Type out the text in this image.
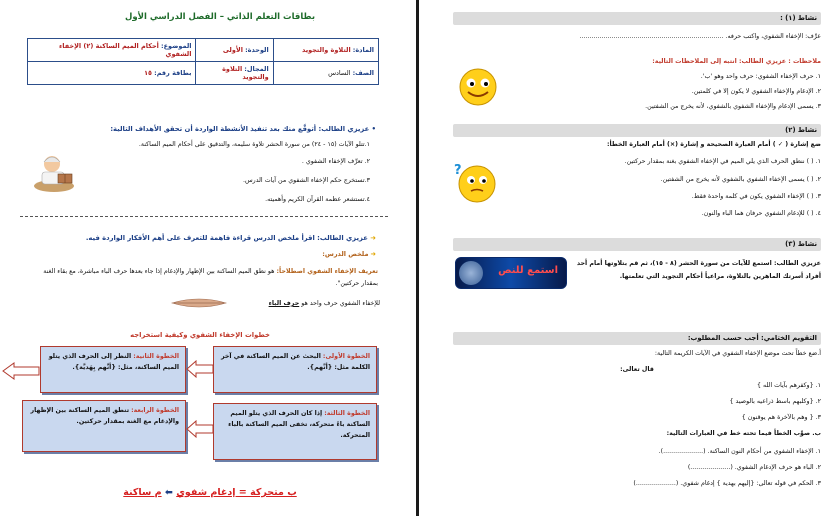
بطاقات التعلم الذاتي – الفصل الدراسي الأول
المادة: التلاوة والتجويد	الوحدة: الأولى	الموضوع: أحكام الميم الساكنة (٢) الإخفاء الشفوي
الصف: السادس	المجال: التلاوة والتجويد	بطاقة رقم: ١٥
• عزيزي الطالب: أتوقَّع منك بعد تنفيذ الأنشطة الواردة أن تحقق الأهداف التالية:
١.تتلو الآيات (١٥ - ٢٤) من سورة الحشر تلاوة سليمة، والتدقيق على أحكام الميم الساكنة.
٢. تعرِّف الإخفاء الشفوي .
٣.تستخرج حكم الإخفاء الشفوي من آيات الدرس.
٤.تستشعر عظمة القرآن الكريم وأهميته.
➜ عزيزي الطالب: اقرأ ملخص الدرس قراءة فاهمة للتعرف على أهم الأفكار الواردة فيه.
➜ ملخص الدرس:
تعريف الإخفاء الشفوي اصطلاحاً: هو نطق الميم الساكنة بين الإظهار والإدغام إذا جاء بعدها حرف الباء مباشرة، مع بقاء الغنة بمقدار حركتين".
للإخفاء الشفوي حرف واحد هو حرف الباء
خطوات الإخفاء الشفوي وكيفية استخراجه
الخطوة الأولى: البحث عن الميم الساكنة في آخر الكلمة مثل: {أنَّهم}.
الخطوة الثانية: النظر إلى الحرف الذي يتلو الميم الساكنة، مثل: {أنَّهم بِهَديَّة}.
الخطوة الثالثة: إذا كان الحرف الذي يتلو الميم الساكنة باءً متحركة، تخفى الميم الساكنة بالباء المتحركة.
الخطوة الرابعة: تنطق الميم الساكنة بين الإظهار والإدغام مع الغنة بمقدار حركتين.
ب متحركة = إدغام شفوي ⬅ م ساكنة
نشاط (١) :
عرِّف: الإخفاء الشفوي، واكتب حرفه. ........................................................................
ملاحظات : عزيزي الطالب: انتبه إلى الملاحظات التالية:
١. حرف الإخفاء الشفوي: حرف واحد وهو 'ب'.
٢. الإدغام والإخفاء الشفوي لا يكون إلا في كلمتين.
٣. يسمى الإدغام والإخفاء الشفوي بالشفوي، لأنه يخرج من الشفتين.
نشاط (٢)
ضع إشارة ( ✓ ) أمام العبارة الصحيحة و إشارة (×) أمام العبارة الخطأ:
١. ( ) ننطق الحرف الذي يلي الميم في الإخفاء الشفوي بغنة بمقدار حركتين.
٢. ( ) يسمى الإخفاء الشفوي بالشفوي لأنه يخرج من الشفتين.
٣. ( ) الإخفاء الشفوي يكون في كلمة واحدة فقط.
٤. ( ) للإدغام الشفوي حرفان هما الباء والنون.
?
نشاط (٣)
عزيزي الطالب: استمع للآيات من سورة الحشر (٨ - ١٥)، ثم قم بتلاوتها أمام أحد أفراد أسرتك الماهرين بالتلاوة، مراعياً أحكام التجويد التي تعلمتها.
استمع للنص
التقويم الختامي: أجب حسب المطلوب:
أ.ضع خطاً تحت موضع الإخفاء الشفوي في الآيات الكريمة التالية:
قال تعالى:
١. {وكفرهم بآيات الله }
٢. {وكلبهم باسط ذراعيه بالوصيد }
٣. { وهم بالآخرة هم يوقنون }
ب. صوِّب الخطأ فيما تحته خط في العبارات التالية:
١. الإخفاء الشفوي من أحكام النون الساكنة. (....................).
٢. الباء هو حرف الإدغام الشفوي. (....................)
٣. الحكم في قوله تعالى: {إليهم بهدية } إدغام شفوي. (....................)
